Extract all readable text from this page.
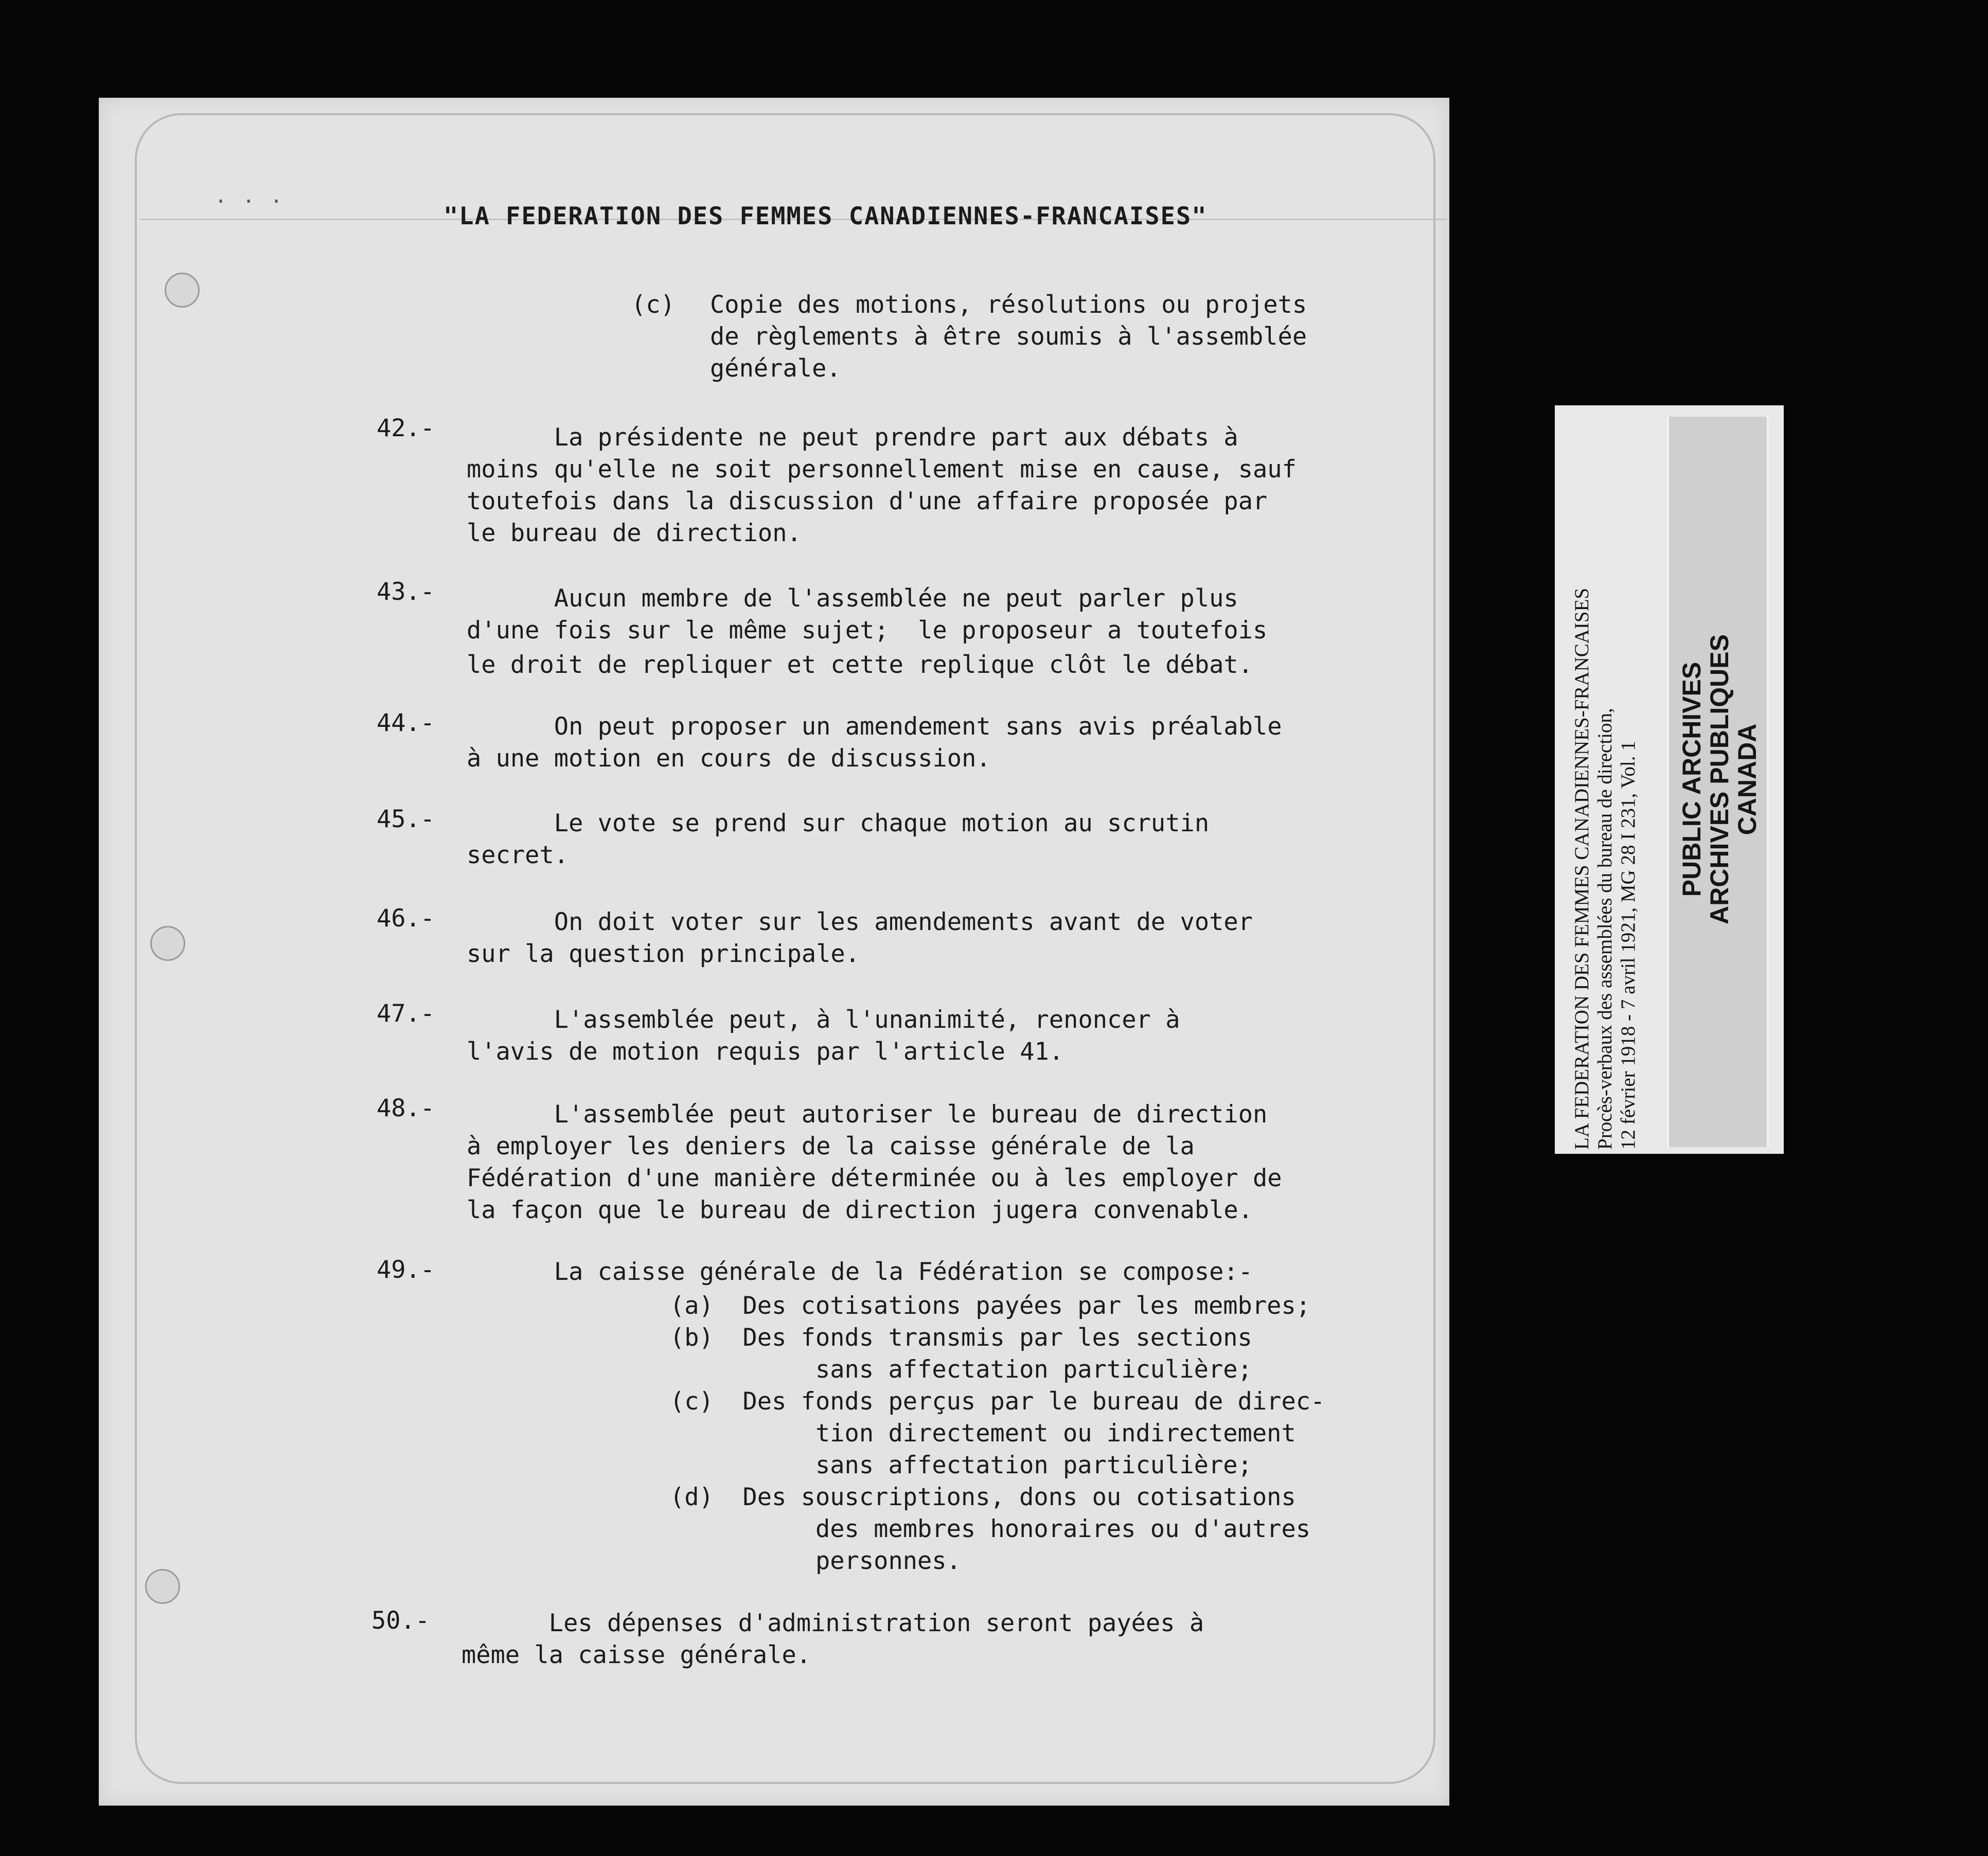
...

"LA FEDERATION DES FEMMES CANADIENNES-FRANCAISES"

(c) Copie des motions, résolutions ou projets

de règlements à être soumis à l'assemblée

générale.

42.- La présidente ne peut prendre part aux débats à

moins qu'elle ne soit personnellement mise en cause, sauf

toutefois dans la discussion d'une affaire proposée par

le bureau de direction.

43.- Aucun membre de l'assemblée ne peut parler plus

d'une fois sur le même sujet;  le proposeur a toutefois

le droit de repliquer et cette replique clôt le débat.

44.- On peut proposer un amendement sans avis préalable

à une motion en cours de discussion.

45.- Le vote se prend sur chaque motion au scrutin

secret.

46.- On doit voter sur les amendements avant de voter

sur la question principale.

47.- L'assemblée peut, à l'unanimité, renoncer à

l'avis de motion requis par l'article 41.

48.- L'assemblée peut autoriser le bureau de direction

à employer les deniers de la caisse générale de la

Fédération d'une manière déterminée ou à les employer de

la façon que le bureau de direction jugera convenable.

49.- La caisse générale de la Fédération se compose:-

(a)  Des cotisations payées par les membres;

(b)  Des fonds transmis par les sections

sans affectation particulière;

(c)  Des fonds perçus par le bureau de direc-

tion directement ou indirectement

sans affectation particulière;

(d)  Des souscriptions, dons ou cotisations

des membres honoraires ou d'autres

personnes.

50.- Les dépenses d'administration seront payées à

même la caisse générale.

LA FEDERATION DES FEMMES CANADIENNES-FRANCAISES Procès-verbaux des assemblées du bureau de direction, 12 février 1918 - 7 avril 1921, MG 28 I 231, Vol. 1 PUBLIC ARCHIVES
ARCHIVES PUBLIQUES
CANADA
